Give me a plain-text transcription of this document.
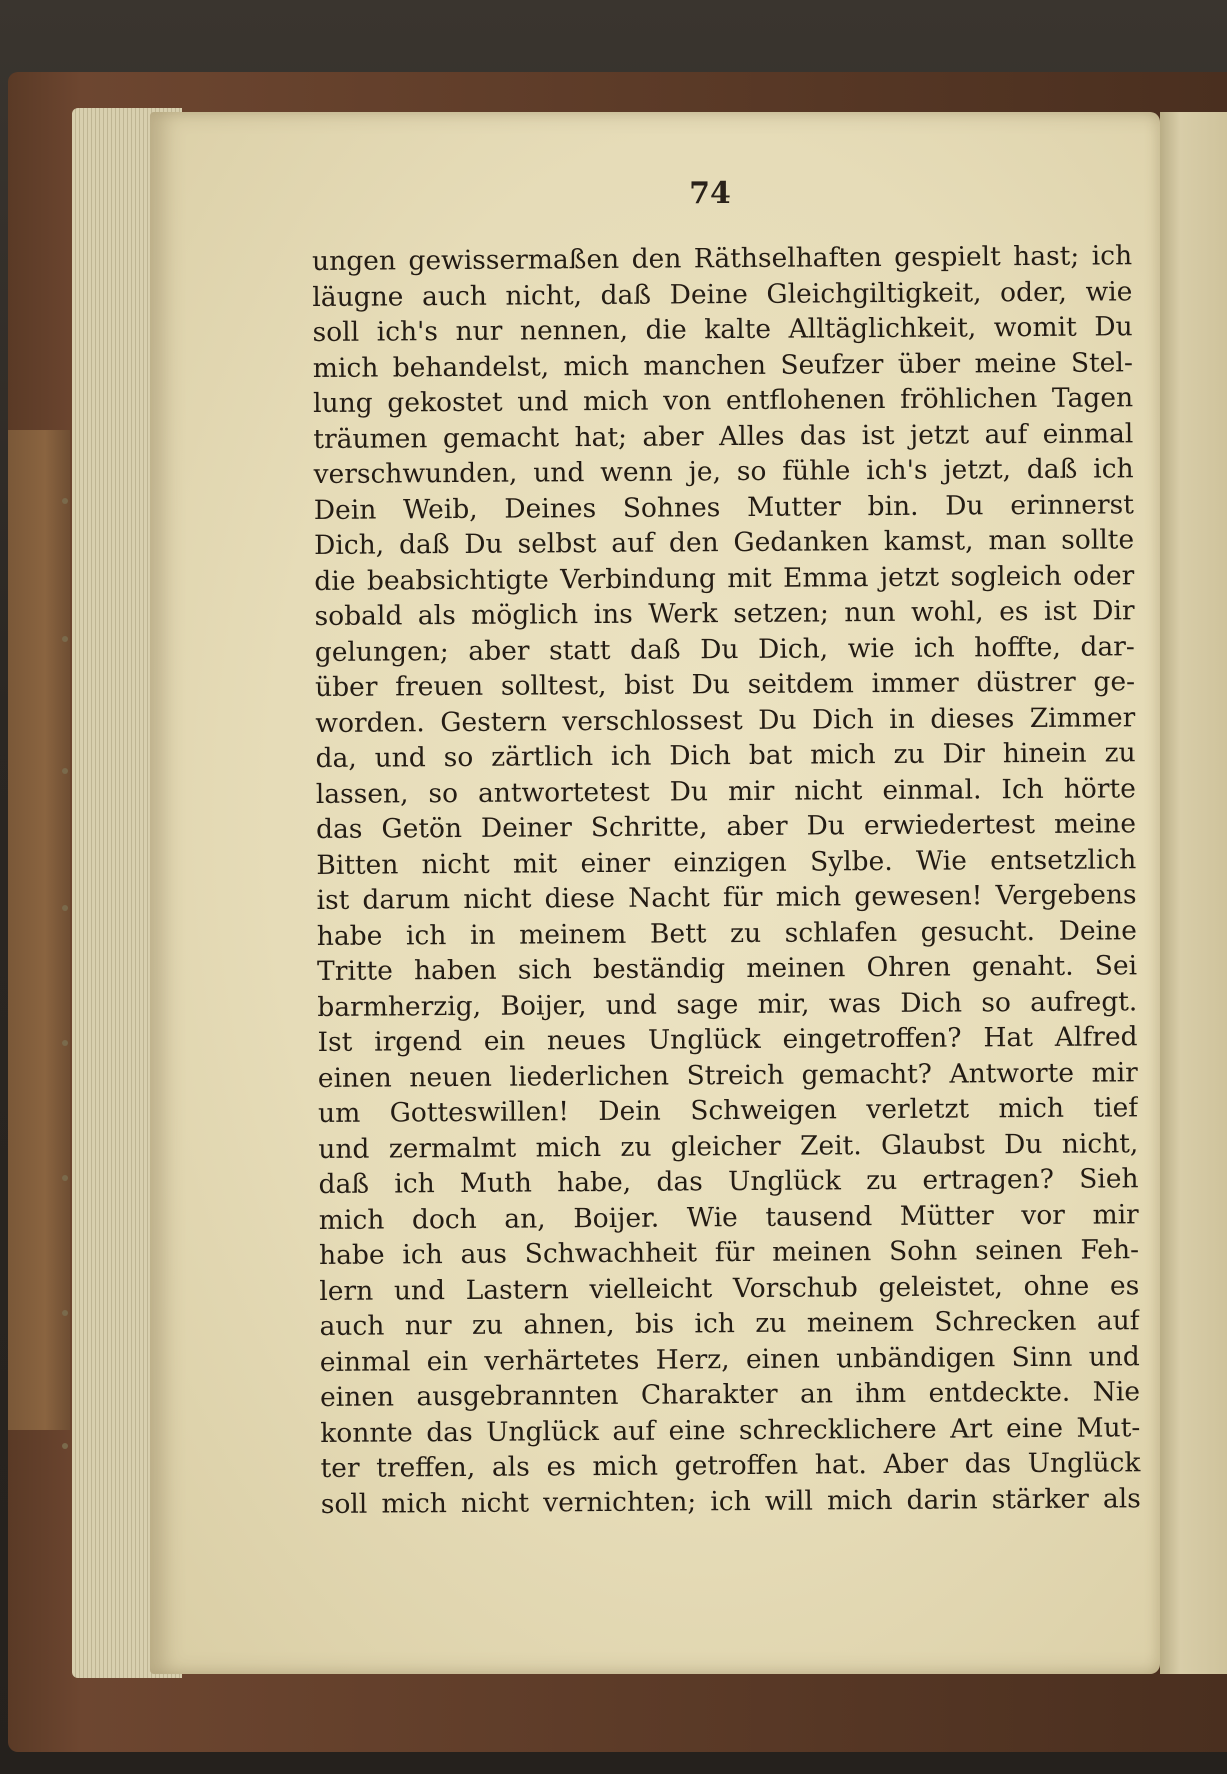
74
ungen gewissermaßen den Räthselhaften gespielt hast; ich
läugne auch nicht, daß Deine Gleichgiltigkeit, oder, wie
soll ich's nur nennen, die kalte Alltäglichkeit, womit Du
mich behandelst, mich manchen Seufzer über meine Stel-
lung gekostet und mich von entflohenen fröhlichen Tagen
träumen gemacht hat; aber Alles das ist jetzt auf einmal
verschwunden, und wenn je, so fühle ich's jetzt, daß ich
Dein Weib, Deines Sohnes Mutter bin. Du erinnerst
Dich, daß Du selbst auf den Gedanken kamst, man sollte
die beabsichtigte Verbindung mit Emma jetzt sogleich oder
sobald als möglich ins Werk setzen; nun wohl, es ist Dir
gelungen; aber statt daß Du Dich, wie ich hoffte, dar-
über freuen solltest, bist Du seitdem immer düstrer ge-
worden. Gestern verschlossest Du Dich in dieses Zimmer
da, und so zärtlich ich Dich bat mich zu Dir hinein zu
lassen, so antwortetest Du mir nicht einmal. Ich hörte
das Getön Deiner Schritte, aber Du erwiedertest meine
Bitten nicht mit einer einzigen Sylbe. Wie entsetzlich
ist darum nicht diese Nacht für mich gewesen! Vergebens
habe ich in meinem Bett zu schlafen gesucht. Deine
Tritte haben sich beständig meinen Ohren genaht. Sei
barmherzig, Boijer, und sage mir, was Dich so aufregt.
Ist irgend ein neues Unglück eingetroffen? Hat Alfred
einen neuen liederlichen Streich gemacht? Antworte mir
um Gotteswillen! Dein Schweigen verletzt mich tief
und zermalmt mich zu gleicher Zeit. Glaubst Du nicht,
daß ich Muth habe, das Unglück zu ertragen? Sieh
mich doch an, Boijer. Wie tausend Mütter vor mir
habe ich aus Schwachheit für meinen Sohn seinen Feh-
lern und Lastern vielleicht Vorschub geleistet, ohne es
auch nur zu ahnen, bis ich zu meinem Schrecken auf
einmal ein verhärtetes Herz, einen unbändigen Sinn und
einen ausgebrannten Charakter an ihm entdeckte. Nie
konnte das Unglück auf eine schrecklichere Art eine Mut-
ter treffen, als es mich getroffen hat. Aber das Unglück
soll mich nicht vernichten; ich will mich darin stärker als
